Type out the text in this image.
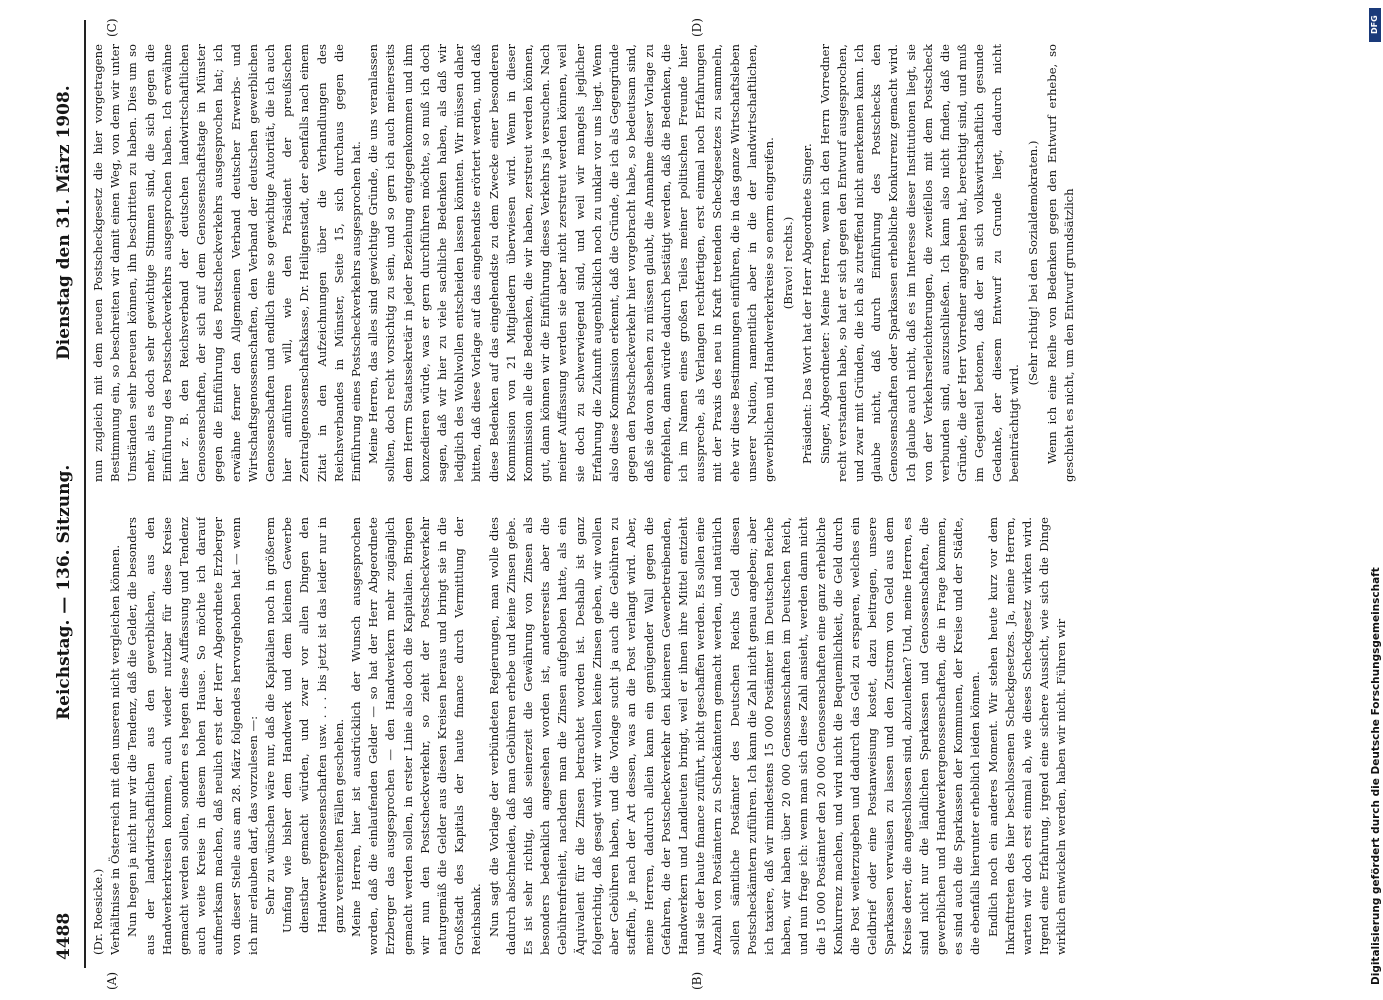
4488
Reichstag. — 136. Sitzung.
Dienstag den 31. März 1908.
(A)	(B)
(C)	(D)

(Dr. Roesicke.) Verhältnisse in Österreich mit den unseren nicht vergleichen können. Nun hegen ja nicht nur wir die Tendenz, daß die Gelder, die besonders aus der landwirtschaftlichen aus den gewerblichen, aus den Handwerkerkreisen kommen, auch wieder nutzbar für diese Kreise gemacht werden sollen, sondern es hegen diese Auffassung und Tendenz auch weite Kreise in diesem hohen Hause. So möchte ich darauf aufmerksam machen, daß neulich erst der Herr Abgeordnete Erzberger von dieser Stelle aus am 28. März folgendes hervorgehoben hat — wenn ich mir erlauben darf, das vorzulesen —: Sehr zu wünschen wäre nur, daß die Kapitalien noch in größerem Umfang wie bisher dem Handwerk und dem kleinen Gewerbe dienstbar gemacht würden, und zwar vor allen Dingen den Handwerkergenossenschaften usw. . . . bis jetzt ist das leider nur in ganz vereinzelten Fällen geschehen. Meine Herren, hier ist ausdrücklich der Wunsch ausgesprochen worden, daß die einlaufenden Gelder — so hat der Herr Abgeordnete Erzberger das ausgesprochen — den Handwerkern mehr zugänglich gemacht werden sollen, in erster Linie also doch die Kapitalien. Bringen wir nun den Postscheckverkehr, so zieht der Postscheckverkehr naturgemäß die Gelder aus diesen Kreisen heraus und bringt sie in die Großstadt des Kapitals der haute finance durch Vermittlung der Reichsbank. Nun sagt die Vorlage der verbündeten Regierungen, man wolle dies dadurch abschneiden, daß man Gebühren erhebe und keine Zinsen gebe. Es ist sehr richtig, daß seinerzeit die Gewährung von Zinsen als besonders bedenklich angesehen worden ist, andererseits aber die Gebührenfreiheit, nachdem man die Zinsen aufgehoben hatte, als ein Äquivalent für die Zinsen betrachtet worden ist. Deshalb ist ganz folgerichtig, daß gesagt wird: wir wollen keine Zinsen geben, wir wollen aber Gebühren haben, und die Vorlage sucht ja auch die Gebühren zu staffeln, je nach der Art dessen, was an die Post verlangt wird. Aber, meine Herren, dadurch allein kann ein genügender Wall gegen die Gefahren, die der Postscheckverkehr den kleineren Gewerbetreibenden, Handwerkern und Landleuten bringt, weil er ihnen ihre Mittel entzieht und sie der haute finance zuführt, nicht geschaffen werden. Es sollen eine Anzahl von Postämtern zu Scheckämtern gemacht werden, und natürlich sollen sämtliche Postämter des Deutschen Reichs Geld diesen Postscheckämtern zuführen. Ich kann die Zahl nicht genau angeben; aber ich taxiere, daß wir mindestens 15 000 Postämter im Deutschen Reiche haben, wir haben über 20 000 Genossenschaften im Deutschen Reich, und nun frage ich: wenn man sich diese Zahl ansieht, werden dann nicht die 15 000 Postämter den 20 000 Genossenschaften eine ganz erhebliche Konkurrenz machen, und wird nicht die Bequemlichkeit, die Geld durch die Post weiterzugeben und dadurch das Geld zu ersparen, welches ein Geldbrief oder eine Postanweisung kostet, dazu beitragen, unsere Sparkassen verwaisen zu lassen und den Zustrom von Geld aus dem Kreise derer, die angeschlossen sind, abzulenken? Und, meine Herren, es sind nicht nur die ländlichen Sparkassen und Genossenschaften, die gewerblichen und Handwerkergenossenschaften, die in Frage kommen, es sind auch die Sparkassen der Kommunen, der Kreise und der Städte, die ebenfalls hierunter erheblich leiden können. Endlich noch ein anderes Moment. Wir stehen heute kurz vor dem Inkrafttreten des hier beschlossenen Scheckgesetzes. Ja, meine Herren, warten wir doch erst einmal ab, wie dieses Scheckgesetz wirken wird. Irgend eine Erfahrung, irgend eine sichere Aussicht, wie sich die Dinge wirklich entwickeln werden, haben wir nicht. Führen wir

nun zugleich mit dem neuen Postscheckgesetz die hier vorgetragene Bestimmung ein, so beschreiten wir damit einen Weg, von dem wir unter Umständen sehr bereuen können, ihn beschritten zu haben. Dies um so mehr, als es doch sehr gewichtige Stimmen sind, die sich gegen die Einführung des Postscheckverkehrs ausgesprochen haben. Ich erwähne hier z. B. den Reichsverband der deutschen landwirtschaftlichen Genossenschaften, der sich auf dem Genossenschaftstage in Münster gegen die Einführung des Postscheckverkehrs ausgesprochen hat; ich erwähne ferner den Allgemeinen Verband deutscher Erwerbs- und Wirtschaftsgenossenschaften, den Verband der deutschen gewerblichen Genossenschaften und endlich eine so gewichtige Autorität, die ich auch hier anführen will, wie den Präsident der preußischen Zentralgenossenschaftskasse, Dr. Heiligenstadt, der ebenfalls nach einem Zitat in den Aufzeichnungen über die Verhandlungen des Reichsverbandes in Münster, Seite 15, sich durchaus gegen die Einführung eines Postscheckverkehrs ausgesprochen hat. Meine Herren, das alles sind gewichtige Gründe, die uns veranlassen sollten, doch recht vorsichtig zu sein, und so gern ich auch meinerseits dem Herrn Staatssekretär in jeder Beziehung entgegenkommen und ihm konzedieren würde, was er gern durchführen möchte, so muß ich doch sagen, daß wir hier zu viele sachliche Bedenken haben, als daß wir lediglich des Wohlwollen entscheiden lassen könnten. Wir müssen daher bitten, daß diese Vorlage auf das eingehendste erörtert werden, und daß diese Bedenken auf das eingehendste zu dem Zwecke einer besonderen Kommission von 21 Mitgliedern überwiesen wird. Wenn in dieser Kommission alle die Bedenken, die wir haben, zerstreut werden können, gut, dann können wir die Einführung dieses Verkehrs ja versuchen. Nach meiner Auffassung werden sie aber nicht zerstreut werden können, weil sie doch zu schwerwiegend sind, und weil wir mangels jeglicher Erfahrung die Zukunft augenblicklich noch zu unklar vor uns liegt. Wenn also diese Kommission erkennt, daß die Gründe, die ich als Gegengründe gegen den Postscheckverkehr hier vorgebracht habe, so bedeutsam sind, daß sie davon absehen zu müssen glaubt, die Annahme dieser Vorlage zu empfehlen, dann würde dadurch bestätigt werden, daß die Bedenken, die ich im Namen eines großen Teiles meiner politischen Freunde hier ausspreche, als Verlangen rechtfertigen, erst einmal noch Erfahrungen mit der Praxis des neu in Kraft tretenden Scheckgesetzes zu sammeln, ehe wir diese Bestimmungen einführen, die in das ganze Wirtschaftsleben unserer Nation, namentlich aber in die der landwirtschaftlichen, gewerblichen und Handwerkerkreise so enorm eingreifen. (Bravo! rechts.) Präsident: Das Wort hat der Herr Abgeordnete Singer. Singer, Abgeordneter: Meine Herren, wenn ich den Herrn Vorredner recht verstanden habe, so hat er sich gegen den Entwurf ausgesprochen, und zwar mit Gründen, die ich als zutreffend nicht anerkennen kann. Ich glaube nicht, daß durch Einführung des Postschecks den Genossenschaften oder Sparkassen erhebliche Konkurrenz gemacht wird. Ich glaube auch nicht, daß es im Interesse dieser Institutionen liegt, sie von der Verkehrserleichterungen, die zweifellos mit dem Postscheck verbunden sind, auszuschließen. Ich kann also nicht finden, daß die Gründe, die der Herr Vorredner angegeben hat, berechtigt sind, und muß im Gegenteil betonen, daß der an sich volkswirtschaftlich gesunde Gedanke, der diesem Entwurf zu Grunde liegt, dadurch nicht beeinträchtigt wird.

(Sehr richtig! bei den Sozialdemokraten.) Wenn ich eine Reihe von Bedenken gegen den Entwurf erhebe, so geschieht es nicht, um den Entwurf grundsätzlich

DFG
Digitalisierung gefördert durch die Deutsche Forschungsgemeinschaft
